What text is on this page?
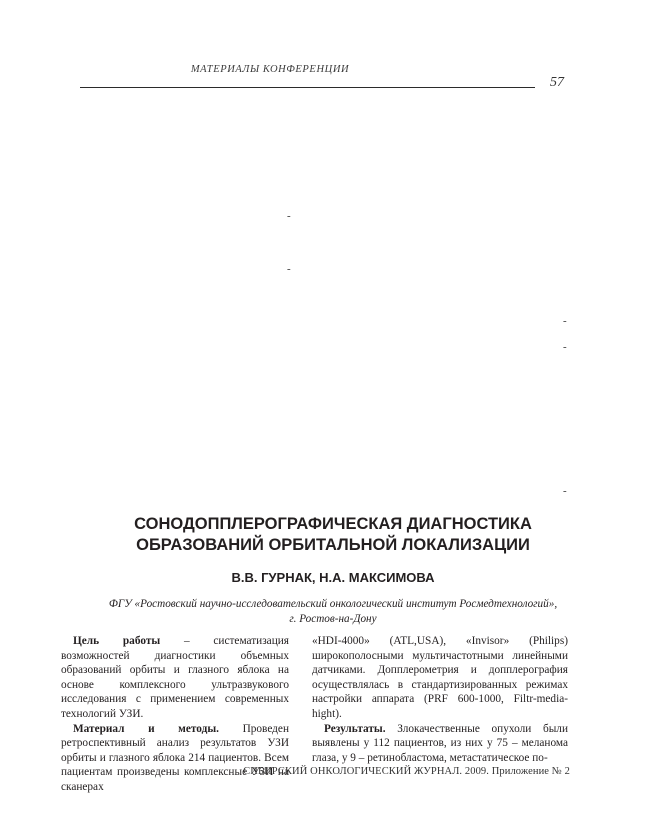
МАТЕРИАЛЫ КОНФЕРЕНЦИИ
57
-
-
-
-
-
СОНОДОППЛЕРОГРАФИЧЕСКАЯ ДИАГНОСТИКА
ОБРАЗОВАНИЙ ОРБИТАЛЬНОЙ ЛОКАЛИЗАЦИИ
В.В. ГУРНАК, Н.А. МАКСИМОВА
ФГУ «Ростовский научно-исследовательский онкологический институт Росмедтехнологий»,
г. Ростов-на-Дону

Цель работы – систематизация возможностей диагностики объемных образований орбиты и глазного яблока на основе комплексного ультразвукового исследования с применением современных технологий УЗИ.

Материал и методы. Проведен ретроспективный анализ результатов УЗИ орбиты и глазного яблока 214 пациентов. Всем пациентам произведены комплексные УЗИ на сканерах

«HDI-4000» (ATL,USA), «Invisor» (Philips) широкополосными мультичастотными линейными датчиками. Допплерометрия и допплерография осуществлялась в стандартизированных режимах настройки аппарата (PRF 600-1000, Filtr-media-hight).

Результаты. Злокачественные опухоли были выявлены у 112 пациентов, из них у 75 – меланома глаза, у 9 – ретинобластома, метастатическое по-

СИБИРСКИЙ ОНКОЛОГИЧЕСКИЙ ЖУРНАЛ. 2009. Приложение № 2
